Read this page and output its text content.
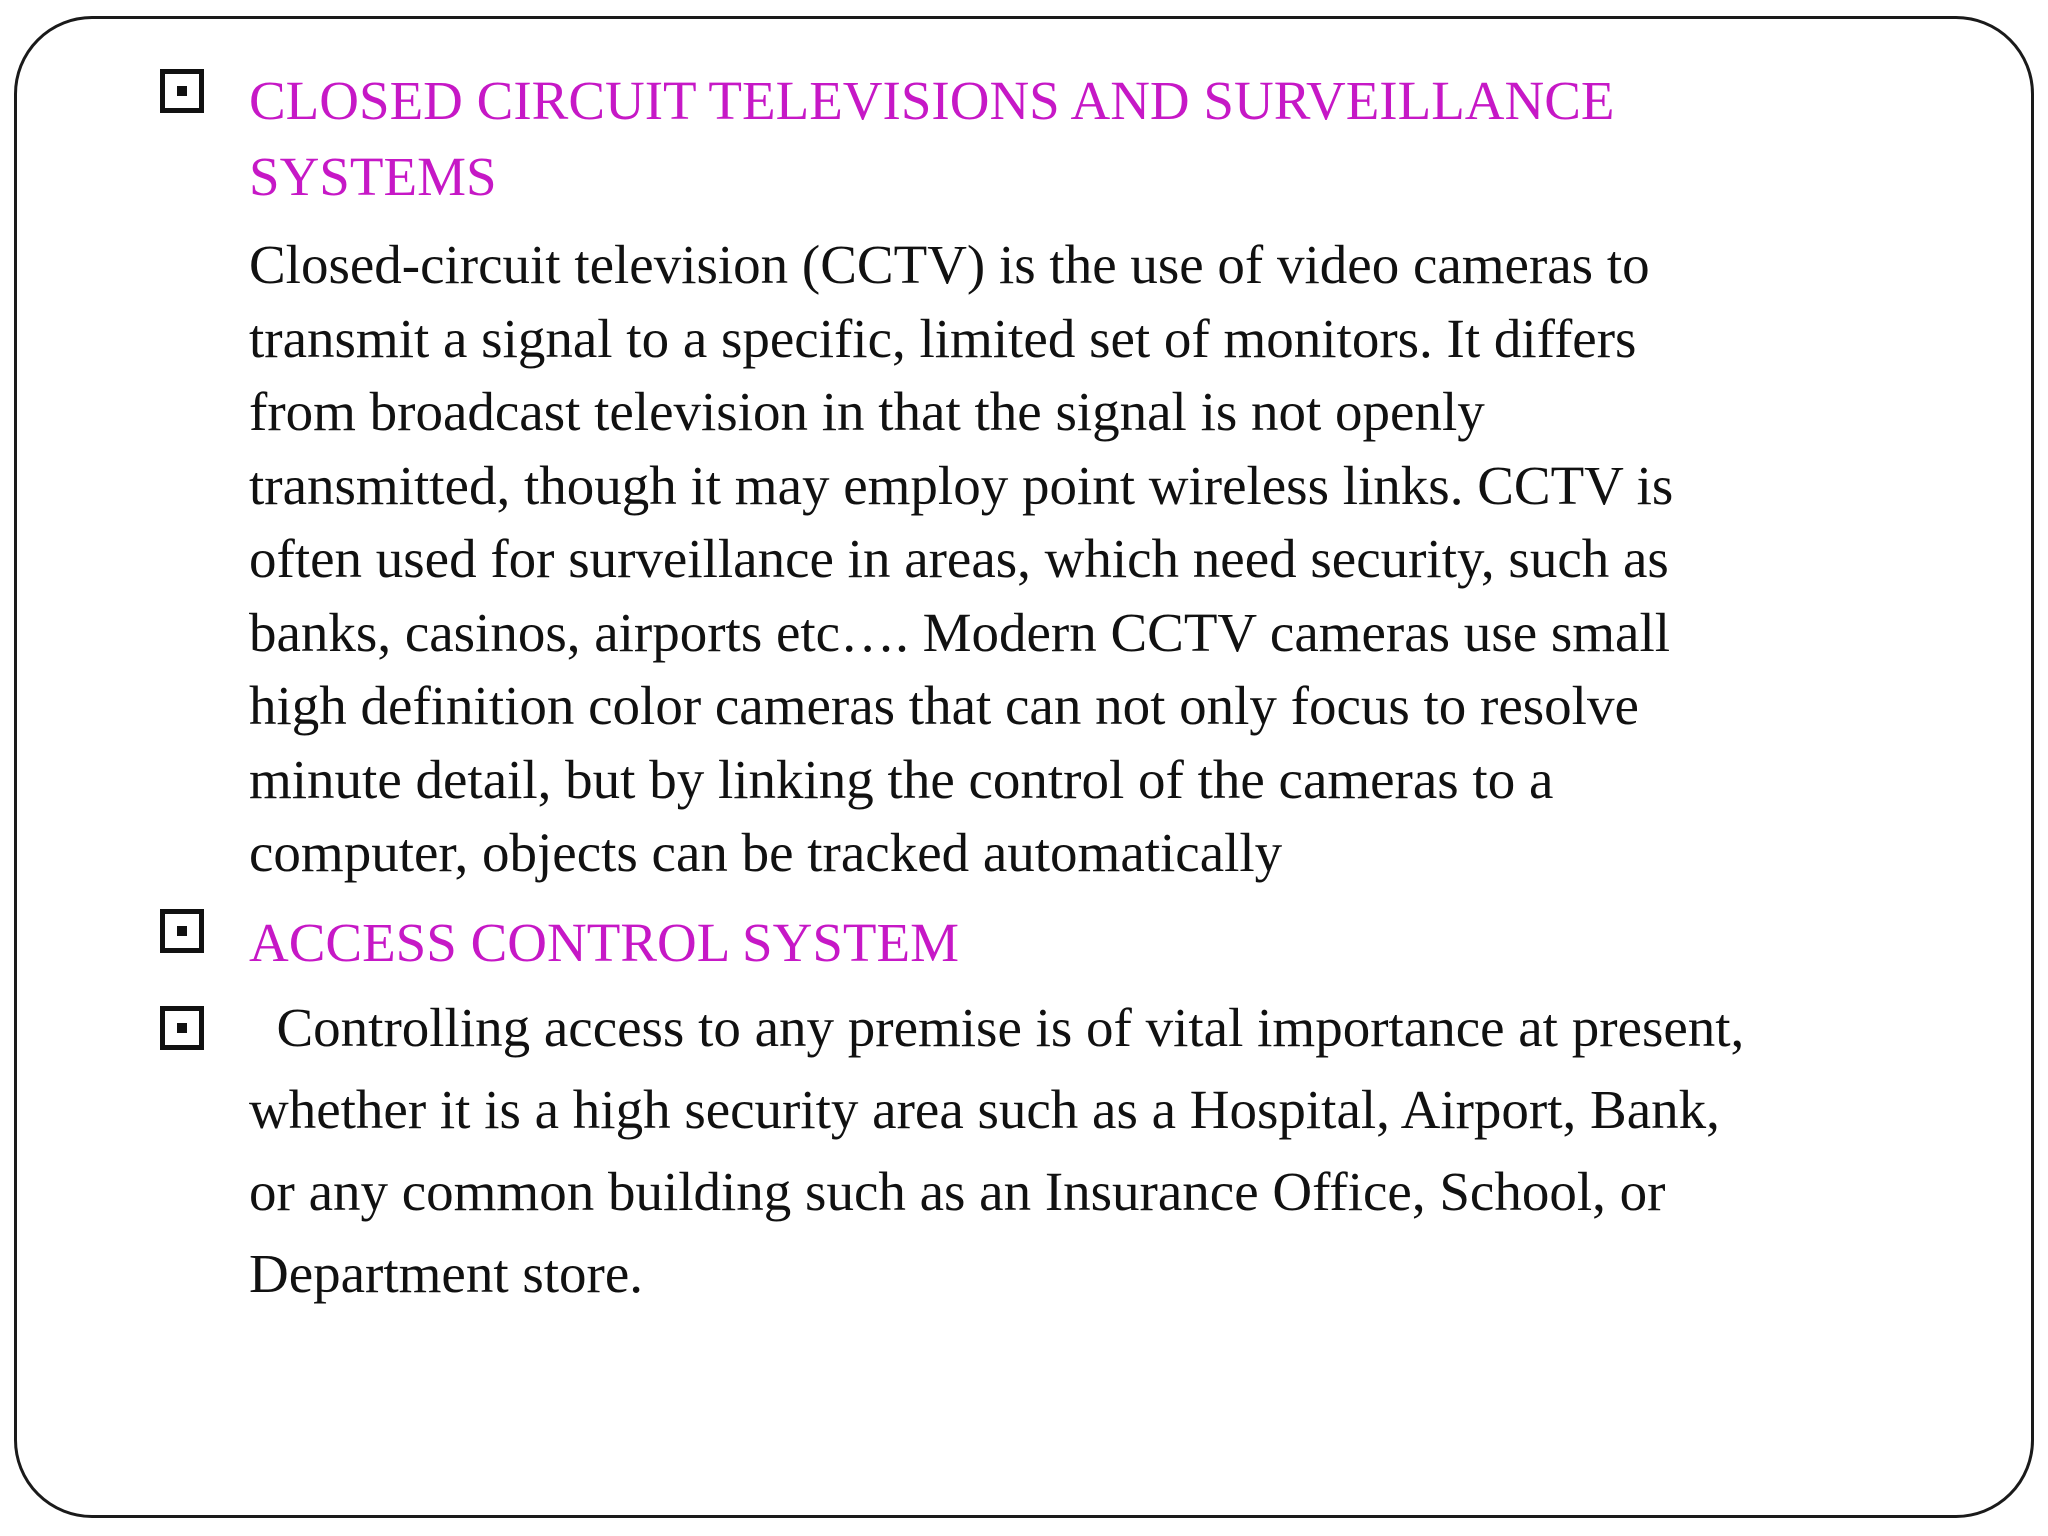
CLOSED CIRCUIT TELEVISIONS AND SURVEILLANCE
SYSTEMS

Closed-circuit television (CCTV) is the use of video cameras to
transmit a signal to a specific, limited set of monitors. It differs
from broadcast television in that the signal is not openly
transmitted, though it may employ point wireless links. CCTV is
often used for surveillance in areas, which need security, such as
banks, casinos, airports etc…. Modern CCTV cameras use small
high definition color cameras that can not only focus to resolve
minute detail, but by linking the control of the cameras to a
computer, objects can be tracked automatically

ACCESS CONTROL SYSTEM

Controlling access to any premise is of vital importance at present,
whether it is a high security area such as a Hospital, Airport, Bank,
or any common building such as an Insurance Office, School, or
Department store.
